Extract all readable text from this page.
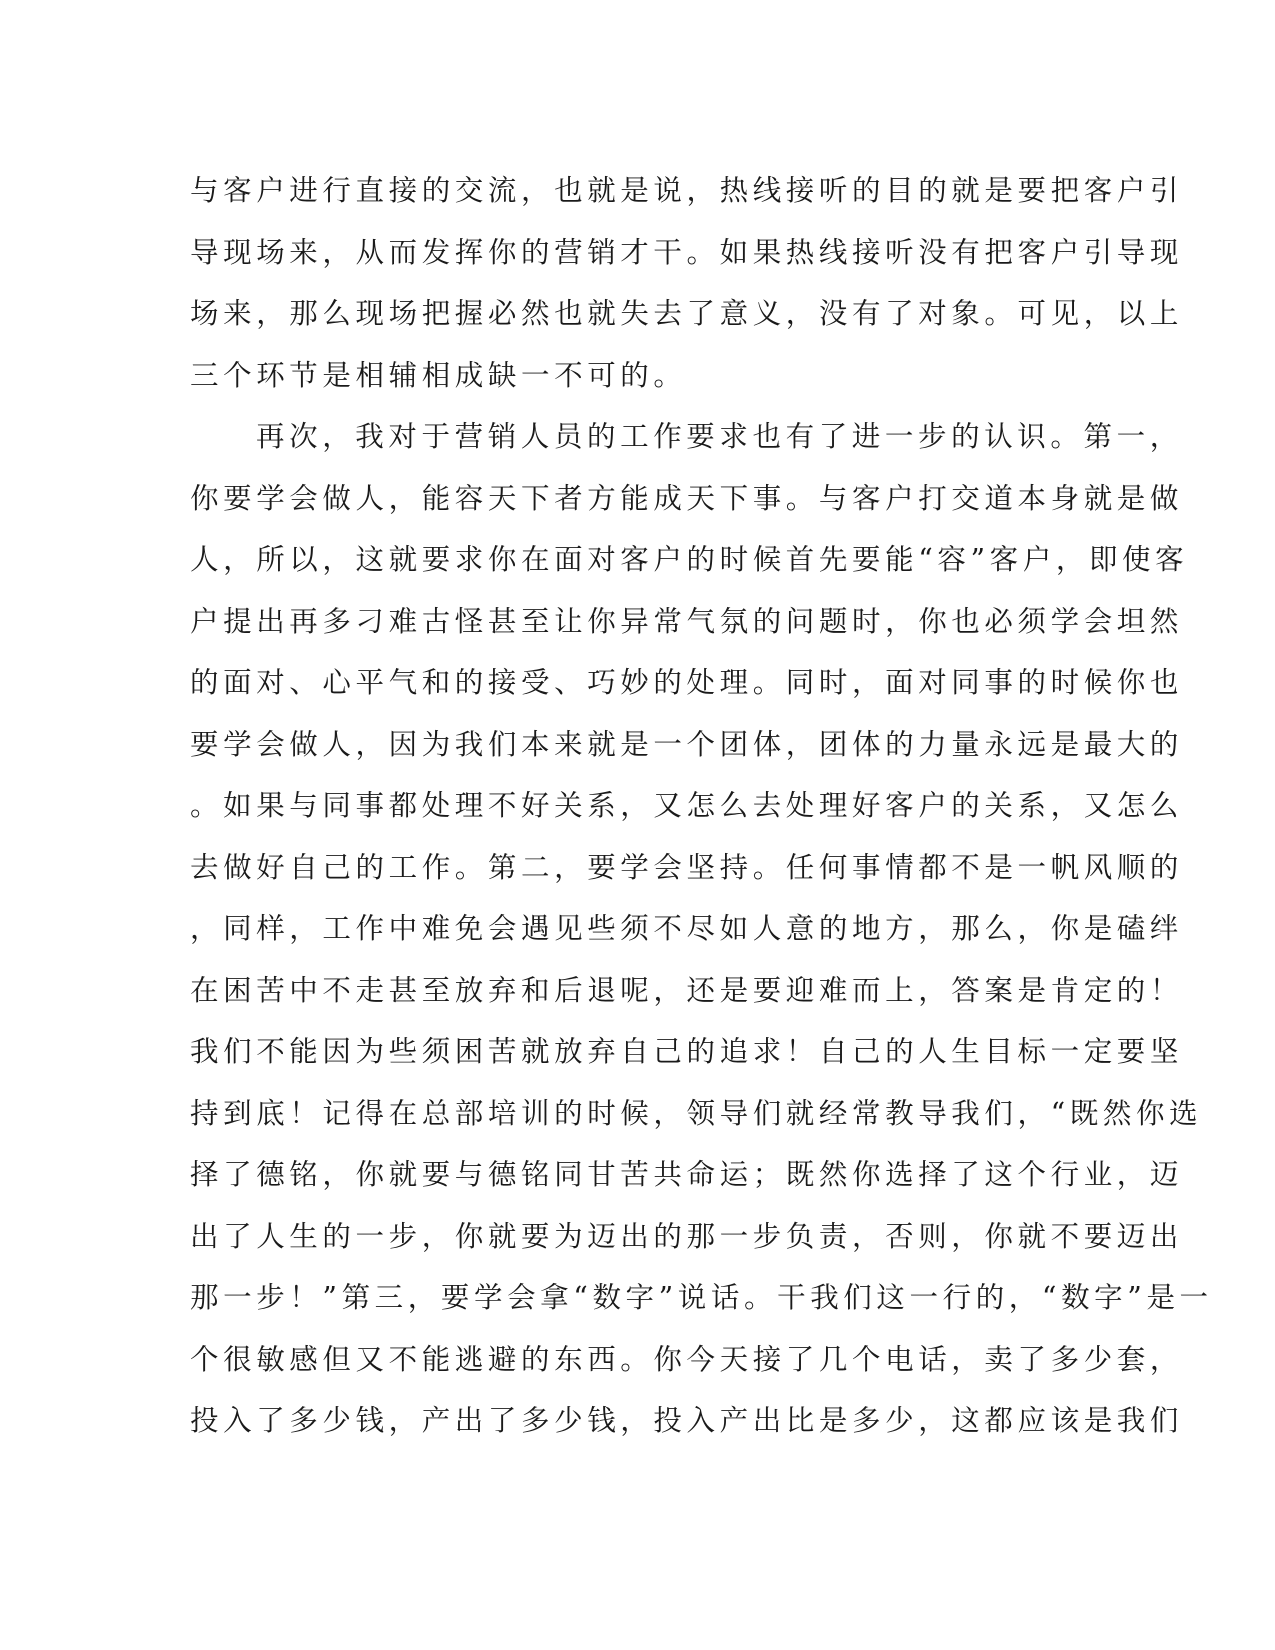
与客户进行直接的交流，也就是说，热线接听的目的就是要把客户引
导现场来，从而发挥你的营销才干。如果热线接听没有把客户引导现
场来，那么现场把握必然也就失去了意义，没有了对象。可见，以上
三个环节是相辅相成缺一不可的。
再次，我对于营销人员的工作要求也有了进一步的认识。第一，
你要学会做人，能容天下者方能成天下事。与客户打交道本身就是做
人，所以，这就要求你在面对客户的时候首先要能“容”客户，即使客
户提出再多刁难古怪甚至让你异常气氛的问题时，你也必须学会坦然
的面对、心平气和的接受、巧妙的处理。同时，面对同事的时候你也
要学会做人，因为我们本来就是一个团体，团体的力量永远是最大的
。如果与同事都处理不好关系，又怎么去处理好客户的关系，又怎么
去做好自己的工作。第二，要学会坚持。任何事情都不是一帆风顺的
，同样，工作中难免会遇见些须不尽如人意的地方，那么，你是磕绊
在困苦中不走甚至放弃和后退呢，还是要迎难而上，答案是肯定的！
我们不能因为些须困苦就放弃自己的追求！自己的人生目标一定要坚
持到底！记得在总部培训的时候，领导们就经常教导我们，“既然你选
择了德铭，你就要与德铭同甘苦共命运；既然你选择了这个行业，迈
出了人生的一步，你就要为迈出的那一步负责，否则，你就不要迈出
那一步！”第三，要学会拿“数字”说话。干我们这一行的，“数字”是一
个很敏感但又不能逃避的东西。你今天接了几个电话，卖了多少套，
投入了多少钱，产出了多少钱，投入产出比是多少，这都应该是我们
